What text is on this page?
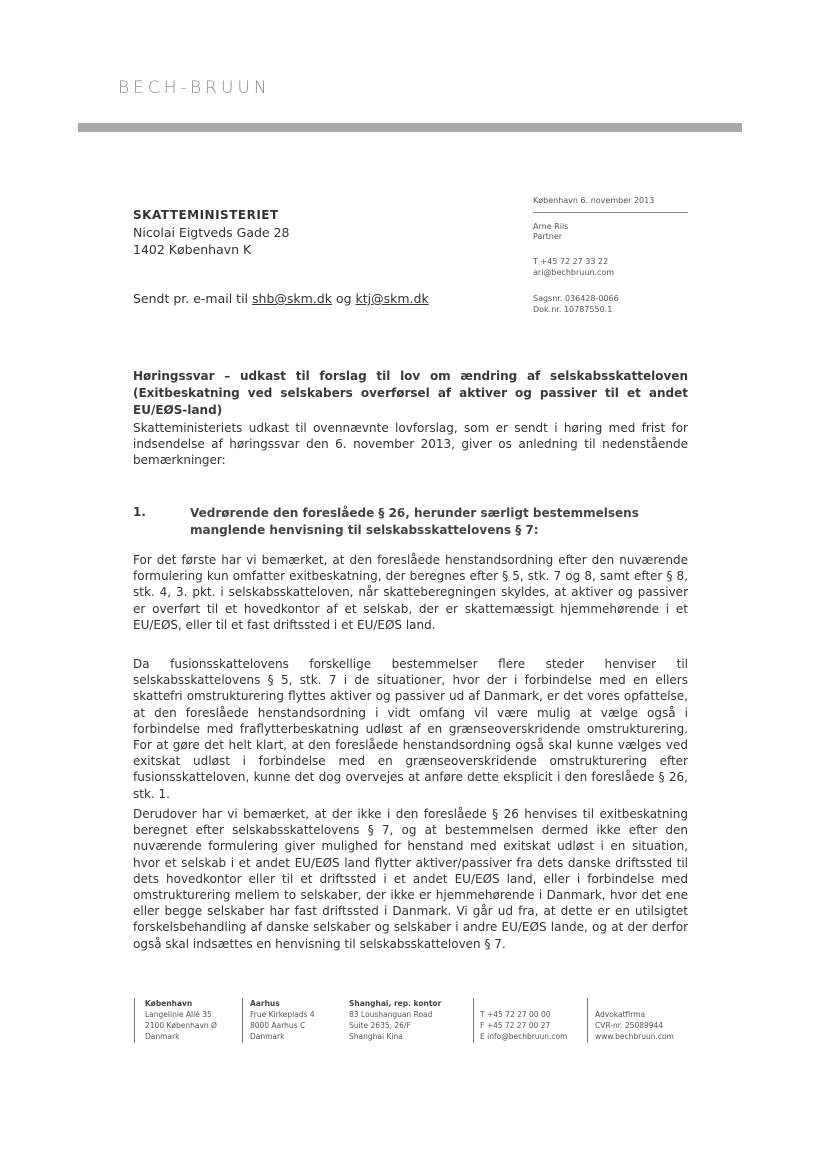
BECH-BRUUN
SKATTEMINISTERIET
Nicolai Eigtveds Gade 28
1402 København K
Sendt pr. e-mail til shb@skm.dk og ktj@skm.dk
København 6. november 2013
Arne Riis
Partner
T +45 72 27 33 22
ari@bechbruun.com
Sagsnr. 036428-0066
Dok.nr. 10787550.1
Høringssvar – udkast til forslag til lov om ændring af selskabsskatteloven (Exitbeskatning ved selskabers overførsel af aktiver og passiver til et andet EU/EØS-land)
Skatteministeriets udkast til ovennævnte lovforslag, som er sendt i høring med frist for indsendelse af høringssvar den 6. november 2013, giver os anledning til nedenstående bemærkninger:
1.	Vedrørende den foreslåede § 26, herunder særligt bestemmelsens manglende henvisning til selskabsskattelovens § 7:
For det første har vi bemærket, at den foreslåede henstandsordning efter den nuværende formulering kun omfatter exitbeskatning, der beregnes efter § 5, stk. 7 og 8, samt efter § 8, stk. 4, 3. pkt. i selskabsskatteloven, når skatteberegningen skyldes, at aktiver og passiver er overført til et hovedkontor af et selskab, der er skattemæssigt hjemmehørende i et EU/EØS, eller til et fast driftssted i et EU/EØS land.
Da fusionsskattelovens forskellige bestemmelser flere steder henviser til selskabsskattelovens § 5, stk. 7 i de situationer, hvor der i forbindelse med en ellers skattefri omstrukturering flyttes aktiver og passiver ud af Danmark, er det vores opfattelse, at den foreslåede henstandsordning i vidt omfang vil være mulig at vælge også i forbindelse med fraflytterbeskatning udløst af en grænseoverskridende omstrukturering. For at gøre det helt klart, at den foreslåede henstandsordning også skal kunne vælges ved exitskat udløst i forbindelse med en grænseoverskridende omstrukturering efter fusionsskatteloven, kunne det dog overvejes at anføre dette eksplicit i den foreslåede § 26, stk. 1.
Derudover har vi bemærket, at der ikke i den foreslåede § 26 henvises til exitbeskatning beregnet efter selskabsskattelovens § 7, og at bestemmelsen dermed ikke efter den nuværende formulering giver mulighed for henstand med exitskat udløst i en situation, hvor et selskab i et andet EU/EØS land flytter aktiver/passiver fra dets danske driftssted til dets hovedkontor eller til et driftssted i et andet EU/EØS land, eller i forbindelse med omstrukturering mellem to selskaber, der ikke er hjemmehørende i Danmark, hvor det ene eller begge selskaber har fast driftssted i Danmark. Vi går ud fra, at dette er en utilsigtet forskelsbehandling af danske selskaber og selskaber i andre EU/EØS lande, og at der derfor også skal indsættes en henvisning til selskabsskatteloven § 7.
København
Langelinie Allé 35
2100 København Ø
Danmark
Aarhus
Frue Kirkeplads 4
8000 Aarhus C
Danmark
Shanghai, rep. kontor
83 Loushanguan Road
Suite 2635, 26/F
Shanghai Kina
T +45 72 27 00 00
F +45 72 27 00 27
E info@bechbruun.com
Advokatfirma
CVR-nr. 25089944
www.bechbruun.com
